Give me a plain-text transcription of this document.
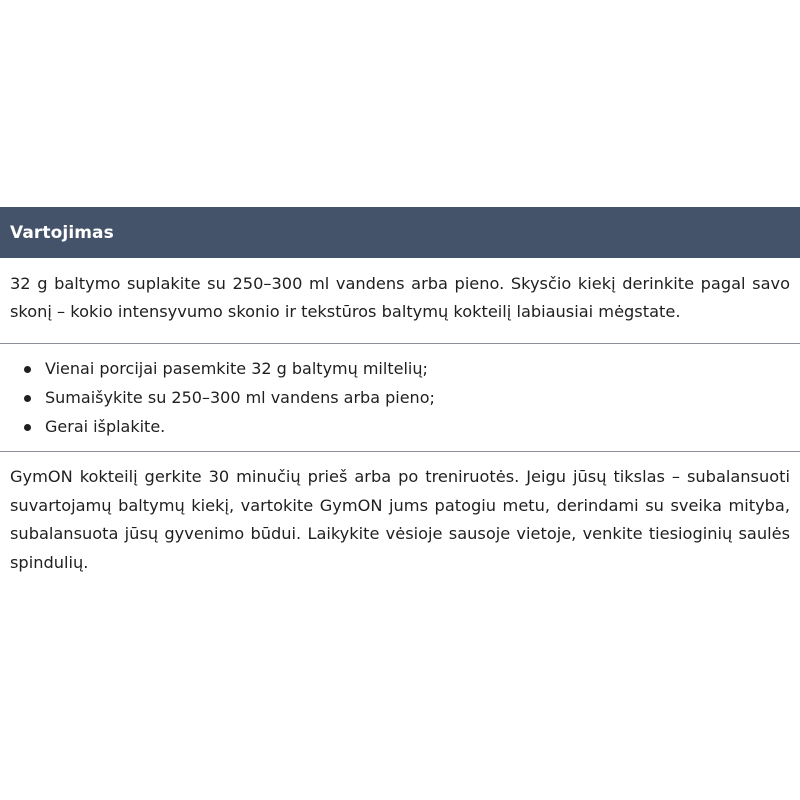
Vartojimas

32 g baltymo suplakite su 250–300 ml vandens arba pieno. Skysčio kiekį derinkite pagal savo skonį – kokio intensyvumo skonio ir tekstūros baltymų kokteilį labiausiai mėgstate.

Vienai porcijai pasemkite 32 g baltymų miltelių;
Sumaišykite su 250–300 ml vandens arba pieno;
Gerai išplakite.

GymON kokteilį gerkite 30 minučių prieš arba po treniruotės. Jeigu jūsų tikslas – subalansuoti suvartojamų baltymų kiekį, vartokite GymON jums patogiu metu, derindami su sveika mityba, subalansuota jūsų gyvenimo būdui. Laikykite vėsioje sausoje vietoje, venkite tiesioginių saulės spindulių.
